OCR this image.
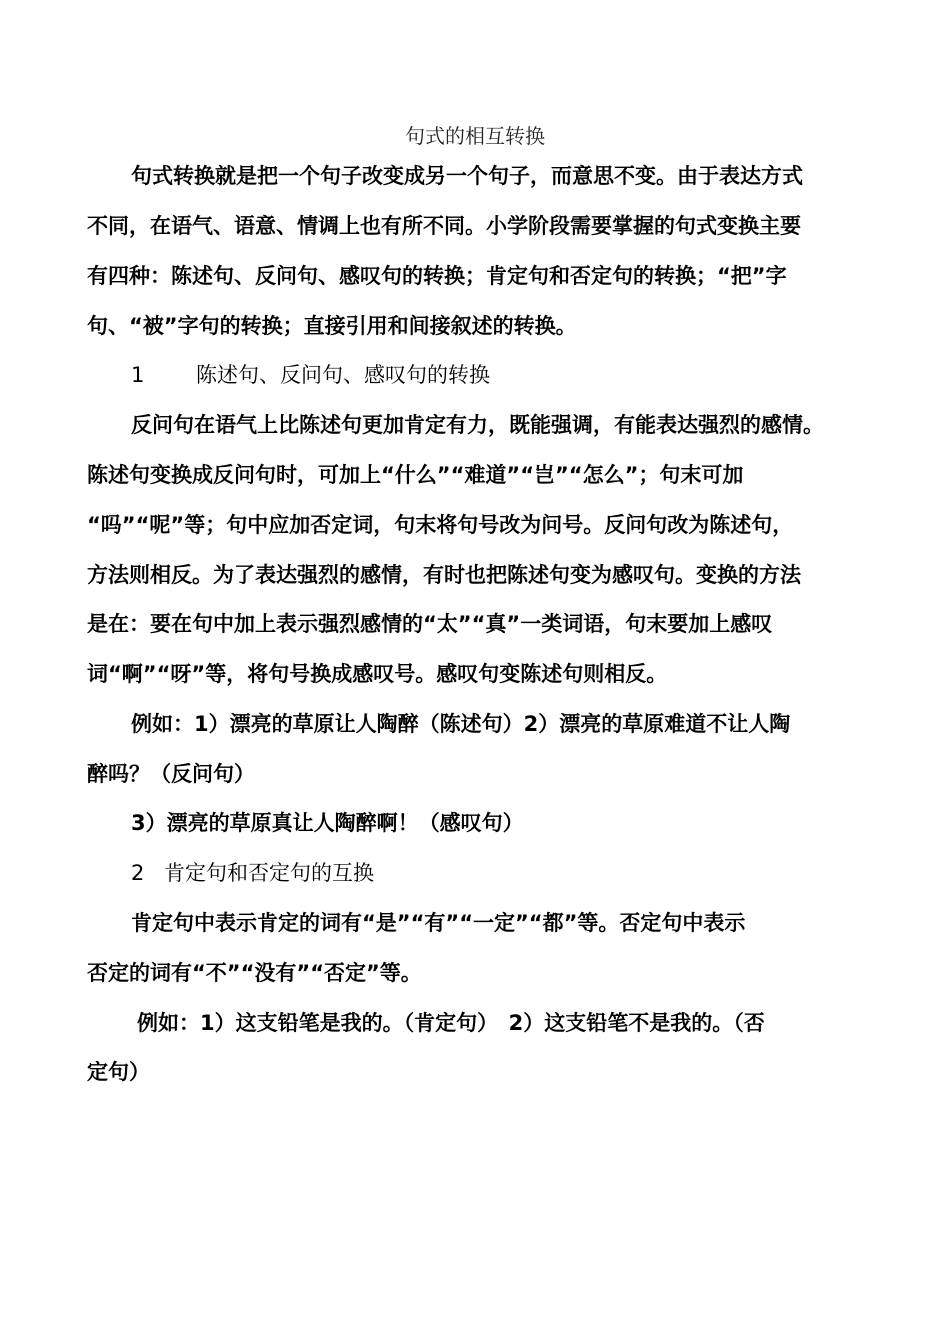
句式的相互转换
句式转换就是把一个句子改变成另一个句子，而意思不变。由于表达方式
不同，在语气、语意、情调上也有所不同。小学阶段需要掌握的句式变换主要
有四种：陈述句、反问句、感叹句的转换；肯定句和否定句的转换；“把”字
句、“被”字句的转换；直接引用和间接叙述的转换。
1 陈述句、反问句、感叹句的转换
反问句在语气上比陈述句更加肯定有力，既能强调，有能表达强烈的感情。
陈述句变换成反问句时，可加上“什么”“难道”“岂”“怎么”；句末可加
“吗”“呢”等；句中应加否定词，句末将句号改为问号。反问句改为陈述句，
方法则相反。为了表达强烈的感情，有时也把陈述句变为感叹句。变换的方法
是在：要在句中加上表示强烈感情的“太”“真”一类词语，句末要加上感叹
词“啊”“呀”等，将句号换成感叹号。感叹句变陈述句则相反。
例如：1）漂亮的草原让人陶醉（陈述句）2）漂亮的草原难道不让人陶
醉吗？（反问句）
3）漂亮的草原真让人陶醉啊！（感叹句）
2 肯定句和否定句的互换
肯定句中表示肯定的词有“是”“有”“一定”“都”等。否定句中表示
否定的词有“不”“没有”“否定”等。
例如：1）这支铅笔是我的。（肯定句）　2）这支铅笔不是我的。（否
定句）
